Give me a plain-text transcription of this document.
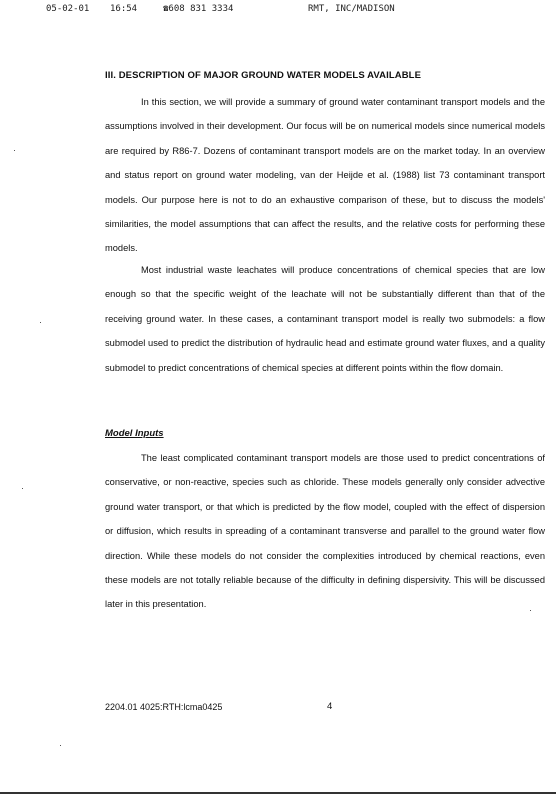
05-02-01 16:54	☎608 831 3334	RMT, INC/MADISON
III. DESCRIPTION OF MAJOR GROUND WATER MODELS AVAILABLE

In this section, we will provide a summary of ground water contaminant transport models and the assumptions involved in their development. Our focus will be on numerical models since numerical models are required by R86-7. Dozens of contaminant transport models are on the market today. In an overview and status report on ground water modeling, van der Heijde et al. (1988) list 73 contaminant transport models. Our purpose here is not to do an exhaustive comparison of these, but to discuss the models' similarities, the model assumptions that can affect the results, and the relative costs for performing these models.

Most industrial waste leachates will produce concentrations of chemical species that are low enough so that the specific weight of the leachate will not be substantially different than that of the receiving ground water. In these cases, a contaminant transport model is really two submodels: a flow submodel used to predict the distribution of hydraulic head and estimate ground water fluxes, and a quality submodel to predict concentrations of chemical species at different points within the flow domain.

Model Inputs

The least complicated contaminant transport models are those used to predict concentrations of conservative, or non-reactive, species such as chloride. These models generally only consider advective ground water transport, or that which is predicted by the flow model, coupled with the effect of dispersion or diffusion, which results in spreading of a contaminant transverse and parallel to the ground water flow direction. While these models do not consider the complexities introduced by chemical reactions, even these models are not totally reliable because of the difficulty in defining dispersivity. This will be discussed later in this presentation.

2204.01 4025:RTH:lcma0425	4
